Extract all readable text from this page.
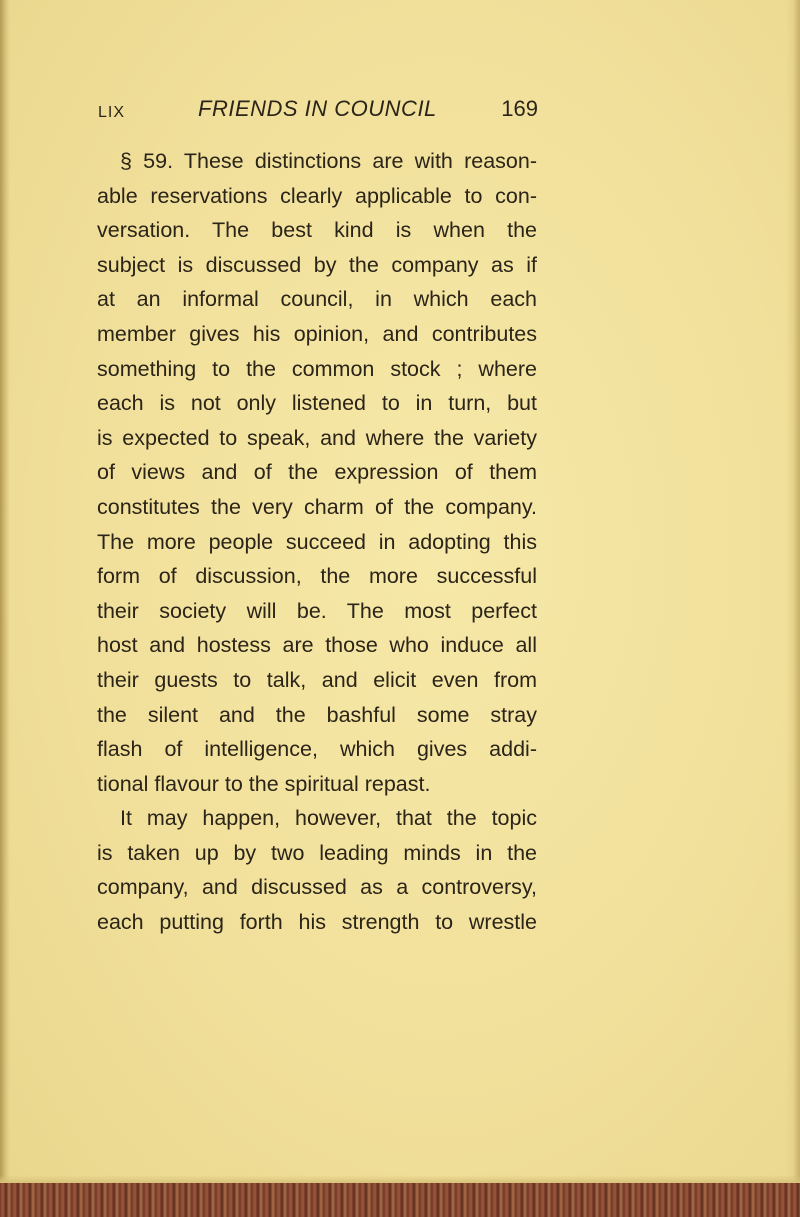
LIX	FRIENDS IN COUNCIL	169
§ 59. These distinctions are with reason-
able reservations clearly applicable to con-
versation. The best kind is when the
subject is discussed by the company as if
at an informal council, in which each
member gives his opinion, and contributes
something to the common stock ; where
each is not only listened to in turn, but
is expected to speak, and where the variety
of views and of the expression of them
constitutes the very charm of the company.
The more people succeed in adopting this
form of discussion, the more successful
their society will be. The most perfect
host and hostess are those who induce all
their guests to talk, and elicit even from
the silent and the bashful some stray
flash of intelligence, which gives addi-
tional flavour to the spiritual repast.
It may happen, however, that the topic
is taken up by two leading minds in the
company, and discussed as a controversy,
each putting forth his strength to wrestle
